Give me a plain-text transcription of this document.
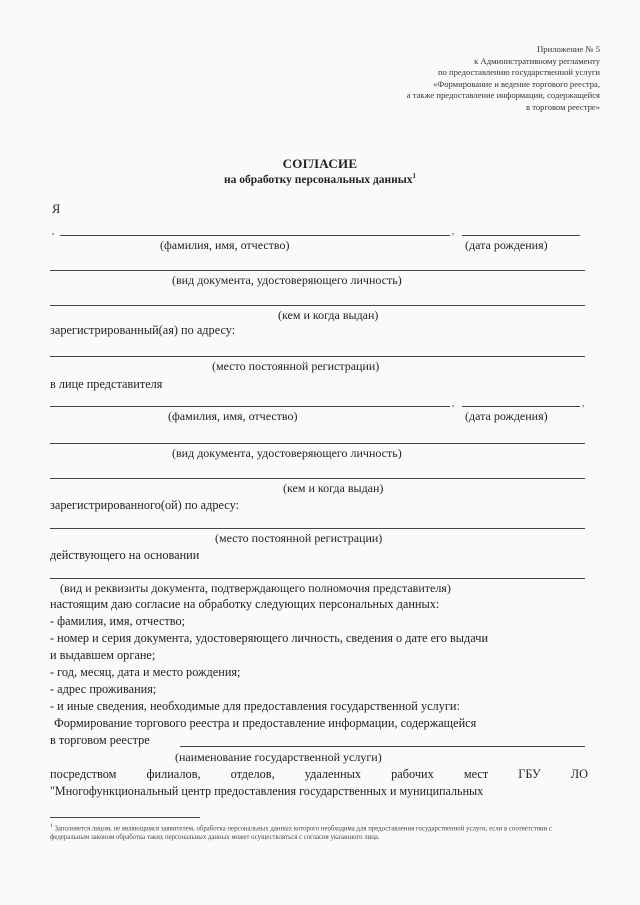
Приложение № 5
к Административному регламенту
по предоставлению государственной услуги
«Формирование и ведение торгового реестра,
а также предоставление информации, содержащейся
в торговом реестре»
СОГЛАСИЕ
на обработку персональных данных$^1$
Я
,	,
(фамилия, имя, отчество)	(дата рождения)
(вид документа, удостоверяющего личность)
(кем и когда выдан)
зарегистрированный(ая) по адресу:
(место постоянной регистрации)
в лице представителя
,	,
(фамилия, имя, отчество)	(дата рождения)
(вид документа, удостоверяющего личность)
(кем и когда выдан)
зарегистрированного(ой) по адресу:
(место постоянной регистрации)
действующего на основании
(вид и реквизиты документа, подтверждающего полномочия представителя)
настоящим даю согласие на обработку следующих персональных данных:
- фамилия, имя, отчество;
- номер и серия документа, удостоверяющего личность, сведения о дате его выдачи
и выдавшем органе;
- год, месяц, дата и место рождения;
- адрес проживания;
- и иные сведения, необходимые для предоставления государственной услуги:
Формирование торгового реестра и предоставление информации, содержащейся
в торговом реестре
(наименование государственной услуги)
посредством филиалов, отделов, удаленных рабочих мест ГБУ ЛО
"Многофункциональный центр предоставления государственных и муниципальных
$^1$ Заполняется лицом, не являющимся заявителем, обработка персональных данных которого необходима для предоставления государственной услуги, если в соответствии с федеральным законом обработка таких персональных данных может осуществляться с согласия указанного лица.
